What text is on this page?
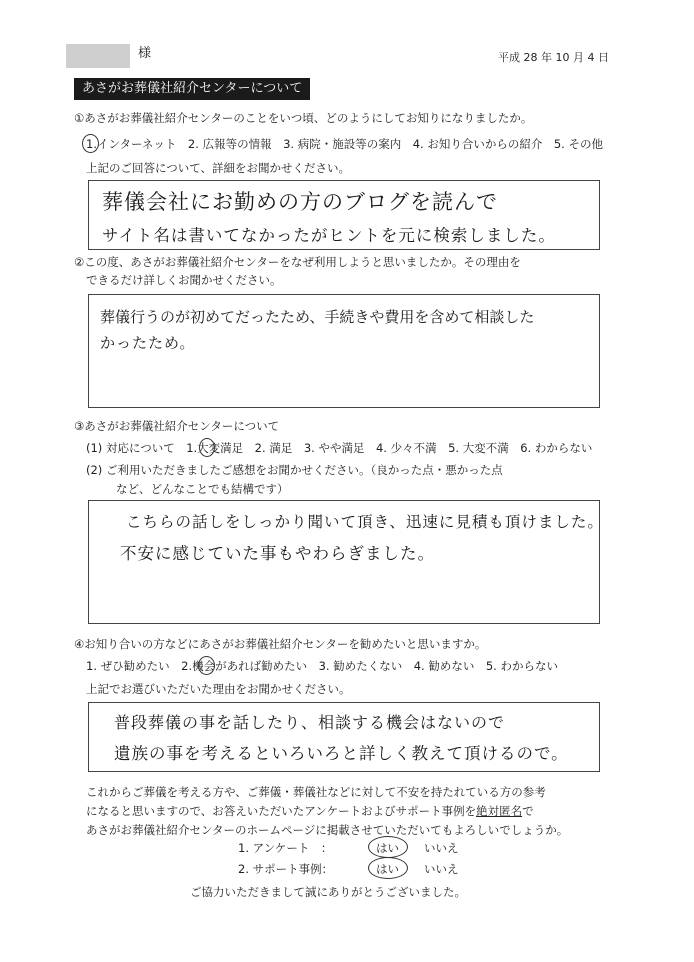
様	平成 28 年 10 月 4 日
あさがお葬儀社紹介センターについて
①あさがお葬儀社紹介センターのことをいつ頃、どのようにしてお知りになりましたか。
1.インターネット　2. 広報等の情報　3. 病院・施設等の案内　4. お知り合いからの紹介　5. その他
上記のご回答について、詳細をお聞かせください。
葬儀会社にお勤めの方のブログを読んで
サイト名は書いてなかったがヒントを元に検索しました。
②この度、あさがお葬儀社紹介センターをなぜ利用しようと思いましたか。その理由を
できるだけ詳しくお聞かせください。
葬儀行うのが初めてだったため、手続きや費用を含めて相談した
かったため。
③あさがお葬儀社紹介センターについて
(1) 対応について　1.大変満足　2. 満足　3. やや満足　4. 少々不満　5. 大変不満　6. わからない
(2) ご利用いただきましたご感想をお聞かせください。（良かった点・悪かった点
など、どんなことでも結構です）
こちらの話しをしっかり聞いて頂き、迅速に見積も頂けました。
不安に感じていた事もやわらぎました。
④お知り合いの方などにあさがお葬儀社紹介センターを勧めたいと思いますか。
1. ぜひ勧めたい　2.機会があれば勧めたい　3. 勧めたくない　4. 勧めない　5. わからない
上記でお選びいただいた理由をお聞かせください。
普段葬儀の事を話したり、相談する機会はないので
遺族の事を考えるといろいろと詳しく教えて頂けるので。
これからご葬儀を考える方や、ご葬儀・葬儀社などに対して不安を持たれている方の参考
になると思いますので、お答えいただいたアンケートおよびサポート事例を絶対匿名で
あさがお葬儀社紹介センターのホームページに掲載させていただいてもよろしいでしょうか。
1. アンケート　：	はい いいえ
2. サポート事例：	はい いいえ
ご協力いただきまして誠にありがとうございました。
